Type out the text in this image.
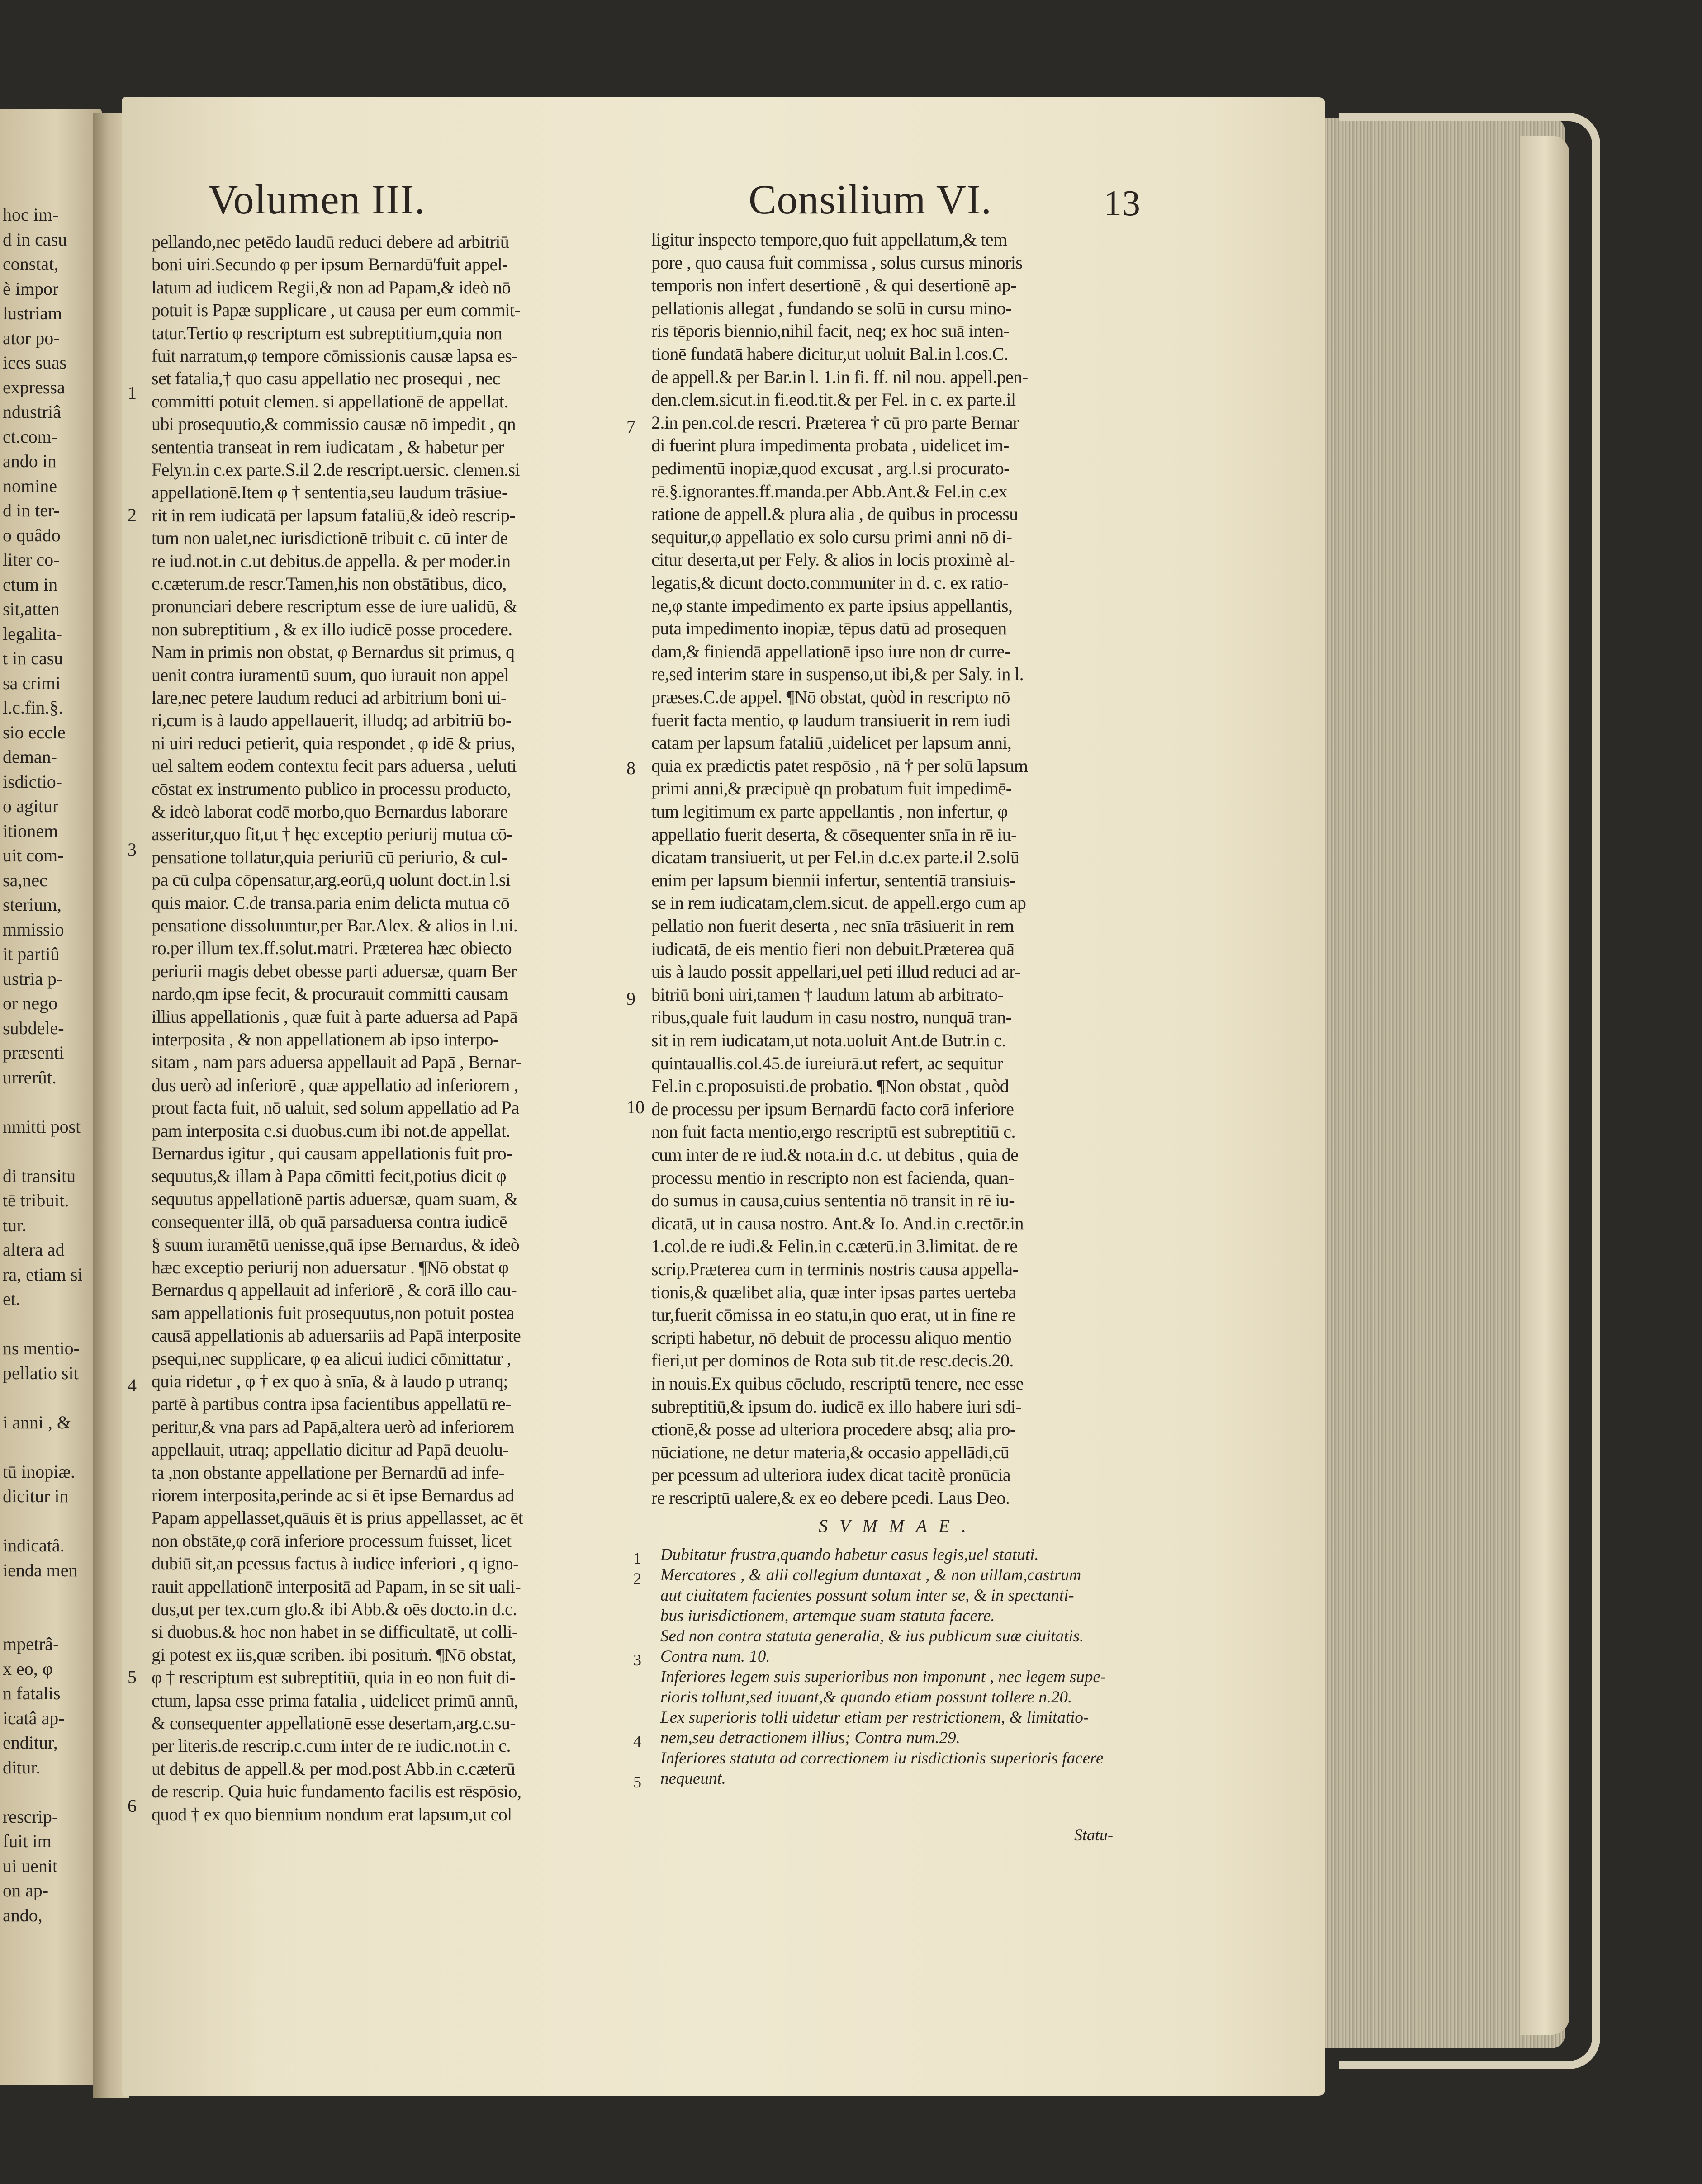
hoc im-
d in casu
constat,
è impor
lustriam
ator po-
ices suas
expressa
ndustriâ
ct.com-
ando in
nomine
d in ter-
o quâdo
liter co-
ctum in
sit,atten
legalita-
t in casu
sa crimi
l.c.fin.§.
sio eccle
deman-
isdictio-
o agitur
itionem
uit com-
sa,nec
sterium,
mmissio
it partiû
ustria p-
or nego
subdele-
præsenti
urrerût.
nmitti post
di transitu
tē tribuit.
tur.
altera ad
ra, etiam si
et.
ns mentio-
pellatio sit
i anni , &
tū inopiæ.
dicitur in
indicatâ.
ienda men
mpetrâ-
x eo, φ
n fatalis
icatâ ap-
enditur,
ditur.
rescrip-
fuit im
ui uenit
on ap-
ando,
Volumen III.	Consilium VI.	13
pellando,nec petēdo laudū reduci debere ad arbitriū
boni uiri.Secundo φ per ipsum Bernardū'fuit appel-
latum ad iudicem Regii,& non ad Papam,& ideò nō
potuit is Papæ supplicare , ut causa per eum commit-
tatur.Tertio φ rescriptum est subreptitium,quia non
fuit narratum,φ tempore cōmissionis causæ lapsa es-
set fatalia,† quo casu appellatio nec prosequi , nec
committi potuit clemen. si appellationē de appellat.
ubi prosequutio,& commissio causæ nō impedit , qn
sententia transeat in rem iudicatam , & habetur per
Felyn.in c.ex parte.S.il 2.de rescript.uersic. clemen.si
appellationē.Item φ † sententia,seu laudum trāsiue-
rit in rem iudicatā per lapsum fataliū,& ideò rescrip-
tum non ualet,nec iurisdictionē tribuit c. cū inter de
re iud.not.in c.ut debitus.de appella. & per moder.in
c.cæterum.de rescr.Tamen,his non obstātibus, dico,
pronunciari debere rescriptum esse de iure ualidū, &
non subreptitium , & ex illo iudicē posse procedere.
Nam in primis non obstat, φ Bernardus sit primus, q
uenit contra iuramentū suum, quo iurauit non appel
lare,nec petere laudum reduci ad arbitrium boni ui-
ri,cum is à laudo appellauerit, illudq; ad arbitriū bo-
ni uiri reduci petierit, quia respondet , φ idē & prius,
uel saltem eodem contextu fecit pars aduersa , ueluti
cōstat ex instrumento publico in processu producto,
& ideò laborat codē morbo,quo Bernardus laborare
asseritur,quo fit,ut † hęc exceptio periurij mutua cō-
pensatione tollatur,quia periuriū cū periurio, & cul-
pa cū culpa cōpensatur,arg.eorū,q uolunt doct.in l.si
quis maior. C.de transa.paria enim delicta mutua cō
pensatione dissoluuntur,per Bar.Alex. & alios in l.ui.
ro.per illum tex.ff.solut.matri. Præterea hæc obiecto
periurii magis debet obesse parti aduersæ, quam Ber
nardo,qm ipse fecit, & procurauit committi causam
illius appellationis , quæ fuit à parte aduersa ad Papā
interposita , & non appellationem ab ipso interpo-
sitam , nam pars aduersa appellauit ad Papā , Bernar-
dus uerò ad inferiorē , quæ appellatio ad inferiorem ,
prout facta fuit, nō ualuit, sed solum appellatio ad Pa
pam interposita c.si duobus.cum ibi not.de appellat.
Bernardus igitur , qui causam appellationis fuit pro-
sequutus,& illam à Papa cōmitti fecit,potius dicit φ
sequutus appellationē partis aduersæ, quam suam, &
consequenter illā, ob quā parsaduersa contra iudicē
§ suum iuramētū uenisse,quā ipse Bernardus, & ideò
hæc exceptio periurij non aduersatur . ¶Nō obstat φ
Bernardus q appellauit ad inferiorē , & corā illo cau-
sam appellationis fuit prosequutus,non potuit postea
causā appellationis ab aduersariis ad Papā interposite
psequi,nec supplicare, φ ea alicui iudici cōmittatur ,
quia ridetur , φ † ex quo à snīa, & à laudo p utranq;
partē à partibus contra ipsa facientibus appellatū re-
peritur,& vna pars ad Papā,altera uerò ad inferiorem
appellauit, utraq; appellatio dicitur ad Papā deuolu-
ta ,non obstante appellatione per Bernardū ad infe-
riorem interposita,perinde ac si ēt ipse Bernardus ad
Papam appellasset,quāuis ēt is prius appellasset, ac ēt
non obstāte,φ corā inferiore processum fuisset, licet
dubiū sit,an pcessus factus à iudice inferiori , q igno-
rauit appellationē interpositā ad Papam, in se sit uali-
dus,ut per tex.cum glo.& ibi Abb.& oēs docto.in d.c.
si duobus.& hoc non habet in se difficultatē, ut colli-
gi potest ex iis,quæ scriben. ibi posituṁ. ¶Nō obstat,
φ † rescriptum est subreptitiū, quia in eo non fuit di-
ctum, lapsa esse prima fatalia , uidelicet primū annū,
& consequenter appellationē esse desertam,arg.c.su-
per literis.de rescrip.c.cum inter de re iudic.not.in c.
ut debitus de appell.& per mod.post Abb.in c.cæterū
de rescrip. Quia huic fundamento facilis est rēspōsio,
quod † ex quo biennium nondum erat lapsum,ut col
1
2
3
4
5
6
ligitur inspecto tempore,quo fuit appellatum,& tem
pore , quo causa fuit commissa , solus cursus minoris
temporis non infert desertionē , & qui desertionē ap-
pellationis allegat , fundando se solū in cursu mino-
ris tēporis biennio,nihil facit, neq; ex hoc suā inten-
tionē fundatā habere dicitur,ut uoluit Bal.in l.cos.C.
de appell.& per Bar.in l. 1.in fi. ff. nil nou. appell.pen-
den.clem.sicut.in fi.eod.tit.& per Fel. in c. ex parte.il
2.in pen.col.de rescri. Præterea † cū pro parte Bernar
di fuerint plura impedimenta probata , uidelicet im-
pedimentū inopiæ,quod excusat , arg.l.si procurato-
rē.§.ignorantes.ff.manda.per Abb.Ant.& Fel.in c.ex
ratione de appell.& plura alia , de quibus in processu
sequitur,φ appellatio ex solo cursu primi anni nō di-
citur deserta,ut per Fely. & alios in locis proximè al-
legatis,& dicunt docto.communiter in d. c. ex ratio-
ne,φ stante impedimento ex parte ipsius appellantis,
puta impedimento inopiæ, tēpus datū ad prosequen
dam,& finiendā appellationē ipso iure non dr curre-
re,sed interim stare in suspenso,ut ibi,& per Saly. in l.
præses.C.de appel. ¶Nō obstat, quòd in rescripto nō
fuerit facta mentio, φ laudum transiuerit in rem iudi
catam per lapsum fataliū ,uidelicet per lapsum anni,
quia ex prædictis patet respōsio , nā † per solū lapsum
primi anni,& præcipuè qn probatum fuit impedimē-
tum legitimum ex parte appellantis , non infertur, φ
appellatio fuerit deserta, & cōsequenter snīa in rē iu-
dicatam transiuerit, ut per Fel.in d.c.ex parte.il 2.solū
enim per lapsum biennii infertur, sententiā transiuis-
se in rem iudicatam,clem.sicut. de appell.ergo cum ap
pellatio non fuerit deserta , nec snīa trāsiuerit in rem
iudicatā, de eis mentio fieri non debuit.Præterea quā
uis à laudo possit appellari,uel peti illud reduci ad ar-
bitriū boni uiri,tamen † laudum latum ab arbitrato-
ribus,quale fuit laudum in casu nostro, nunquā tran-
sit in rem iudicatam,ut nota.uoluit Ant.de Butr.in c.
quintauallis.col.45.de iureiurā.ut refert, ac sequitur
Fel.in c.proposuisti.de probatio. ¶Non obstat , quòd
de processu per ipsum Bernardū facto corā inferiore
non fuit facta mentio,ergo rescriptū est subreptitiū c.
cum inter de re iud.& nota.in d.c. ut debitus , quia de
processu mentio in rescripto non est facienda, quan-
do sumus in causa,cuius sententia nō transit in rē iu-
dicatā, ut in causa nostro. Ant.& Io. And.in c.rectōr.in
1.col.de re iudi.& Felin.in c.cæterū.in 3.limitat. de re
scrip.Præterea cum in terminis nostris causa appella-
tionis,& quælibet alia, quæ inter ipsas partes uerteba
tur,fuerit cōmissa in eo statu,in quo erat, ut in fine re
scripti habetur, nō debuit de processu aliquo mentio
fieri,ut per dominos de Rota sub tit.de resc.decis.20.
in nouis.Ex quibus cōcludo, rescriptū tenere, nec esse
subreptitiū,& ipsum do. iudicē ex illo habere iuri sdi-
ctionē,& posse ad ulteriora procedere absq; alia pro-
nūciatione, ne detur materia,& occasio appellādi,cū
per pcessum ad ulteriora iudex dicat tacitè pronūcia
re rescriptū ualere,& ex eo debere pcedi. Laus Deo.
7
8
9
10
SVMMAE.
Dubitatur frustra,quando habetur casus legis,uel statuti.
Mercatores , & alii collegium duntaxat , & non uillam,castrum
aut ciuitatem facientes possunt solum inter se, & in spectanti-
bus iurisdictionem, artemque suam statuta facere.
Sed non contra statuta generalia, & ius publicum suæ ciuitatis.
Contra num. 10.
Inferiores legem suis superioribus non imponunt , nec legem supe-
rioris tollunt,sed iuuant,& quando etiam possunt tollere n.20.
Lex superioris tolli uidetur etiam per restrictionem, & limitatio-
nem,seu detractionem illius; Contra num.29.
Inferiores statuta ad correctionem iu risdictionis superioris facere
nequeunt.
1
2
3
4
5
Statu-
